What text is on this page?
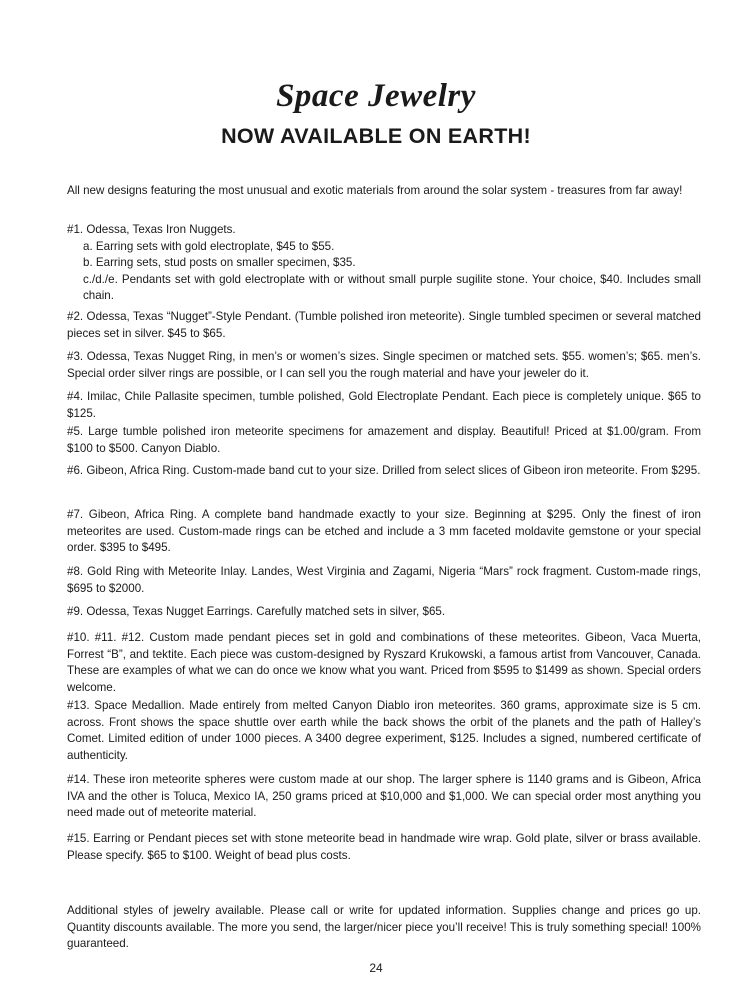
Space Jewelry
NOW AVAILABLE ON EARTH!

All new designs featuring the most unusual and exotic materials from around the solar system - treasures from far away!

#1. Odessa, Texas Iron Nuggets.

a. Earring sets with gold electroplate, $45 to $55.

b. Earring sets, stud posts on smaller specimen, $35.

c./d./e. Pendants set with gold electroplate with or without small purple sugilite stone. Your choice, $40. Includes small chain.

#2. Odessa, Texas “Nugget”-Style Pendant. (Tumble polished iron meteorite). Single tumbled specimen or several matched pieces set in silver. $45 to $65.

#3. Odessa, Texas Nugget Ring, in men’s or women’s sizes. Single specimen or matched sets. $55. women’s; $65. men’s. Special order silver rings are possible, or I can sell you the rough material and have your jeweler do it.

#4. Imilac, Chile Pallasite specimen, tumble polished, Gold Electroplate Pendant. Each piece is completely unique. $65 to $125.

#5. Large tumble polished iron meteorite specimens for amazement and display. Beautiful! Priced at $1.00/gram. From $100 to $500. Canyon Diablo.

#6. Gibeon, Africa Ring. Custom-made band cut to your size. Drilled from select slices of Gibeon iron meteorite. From $295.

#7. Gibeon, Africa Ring. A complete band handmade exactly to your size. Beginning at $295. Only the finest of iron meteorites are used. Custom-made rings can be etched and include a 3 mm faceted moldavite gemstone or your special order. $395 to $495.

#8. Gold Ring with Meteorite Inlay. Landes, West Virginia and Zagami, Nigeria “Mars” rock fragment. Custom-made rings, $695 to $2000.

#9. Odessa, Texas Nugget Earrings. Carefully matched sets in silver, $65.

#10. #11. #12. Custom made pendant pieces set in gold and combinations of these meteorites. Gibeon, Vaca Muerta, Forrest “B”, and tektite. Each piece was custom-designed by Ryszard Krukowski, a famous artist from Vancouver, Canada. These are examples of what we can do once we know what you want. Priced from $595 to $1499 as shown. Special orders welcome.

#13. Space Medallion. Made entirely from melted Canyon Diablo iron meteorites. 360 grams, approximate size is 5 cm. across. Front shows the space shuttle over earth while the back shows the orbit of the planets and the path of Halley’s Comet. Limited edition of under 1000 pieces. A 3400 degree experiment, $125. Includes a signed, numbered certificate of authenticity.

#14. These iron meteorite spheres were custom made at our shop. The larger sphere is 1140 grams and is Gibeon, Africa IVA and the other is Toluca, Mexico IA, 250 grams priced at $10,000 and $1,000. We can special order most anything you need made out of meteorite material.

#15. Earring or Pendant pieces set with stone meteorite bead in handmade wire wrap. Gold plate, silver or brass available. Please specify. $65 to $100. Weight of bead plus costs.

Additional styles of jewelry available. Please call or write for updated information. Supplies change and prices go up. Quantity discounts available. The more you send, the larger/nicer piece you’ll receive! This is truly something special! 100% guaranteed.

24
